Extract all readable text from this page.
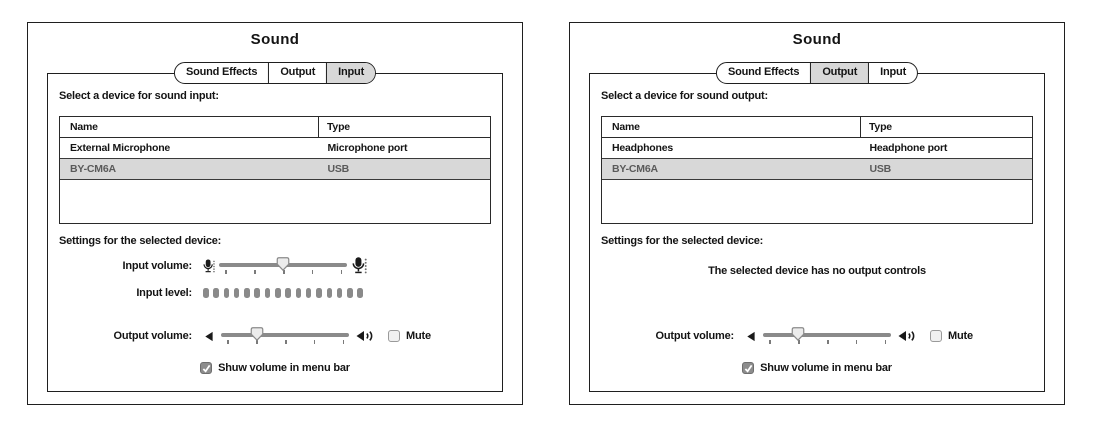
Sound
Sound Effects	Output	Input
Select a device for sound input:
Name	Type
External Microphone	Microphone port
BY-CM6A	USB
Settings for the selected device:
Input volume:
Input level:
Output volume:	Mute
Shuw volume in menu bar
Sound
Sound Effects	Output	Input
Select a device for sound output:
Name	Type
Headphones	Headphone port
BY-CM6A	USB
Settings for the selected device:
The selected device has no output controls
Output volume:	Mute
Shuw volume in menu bar
